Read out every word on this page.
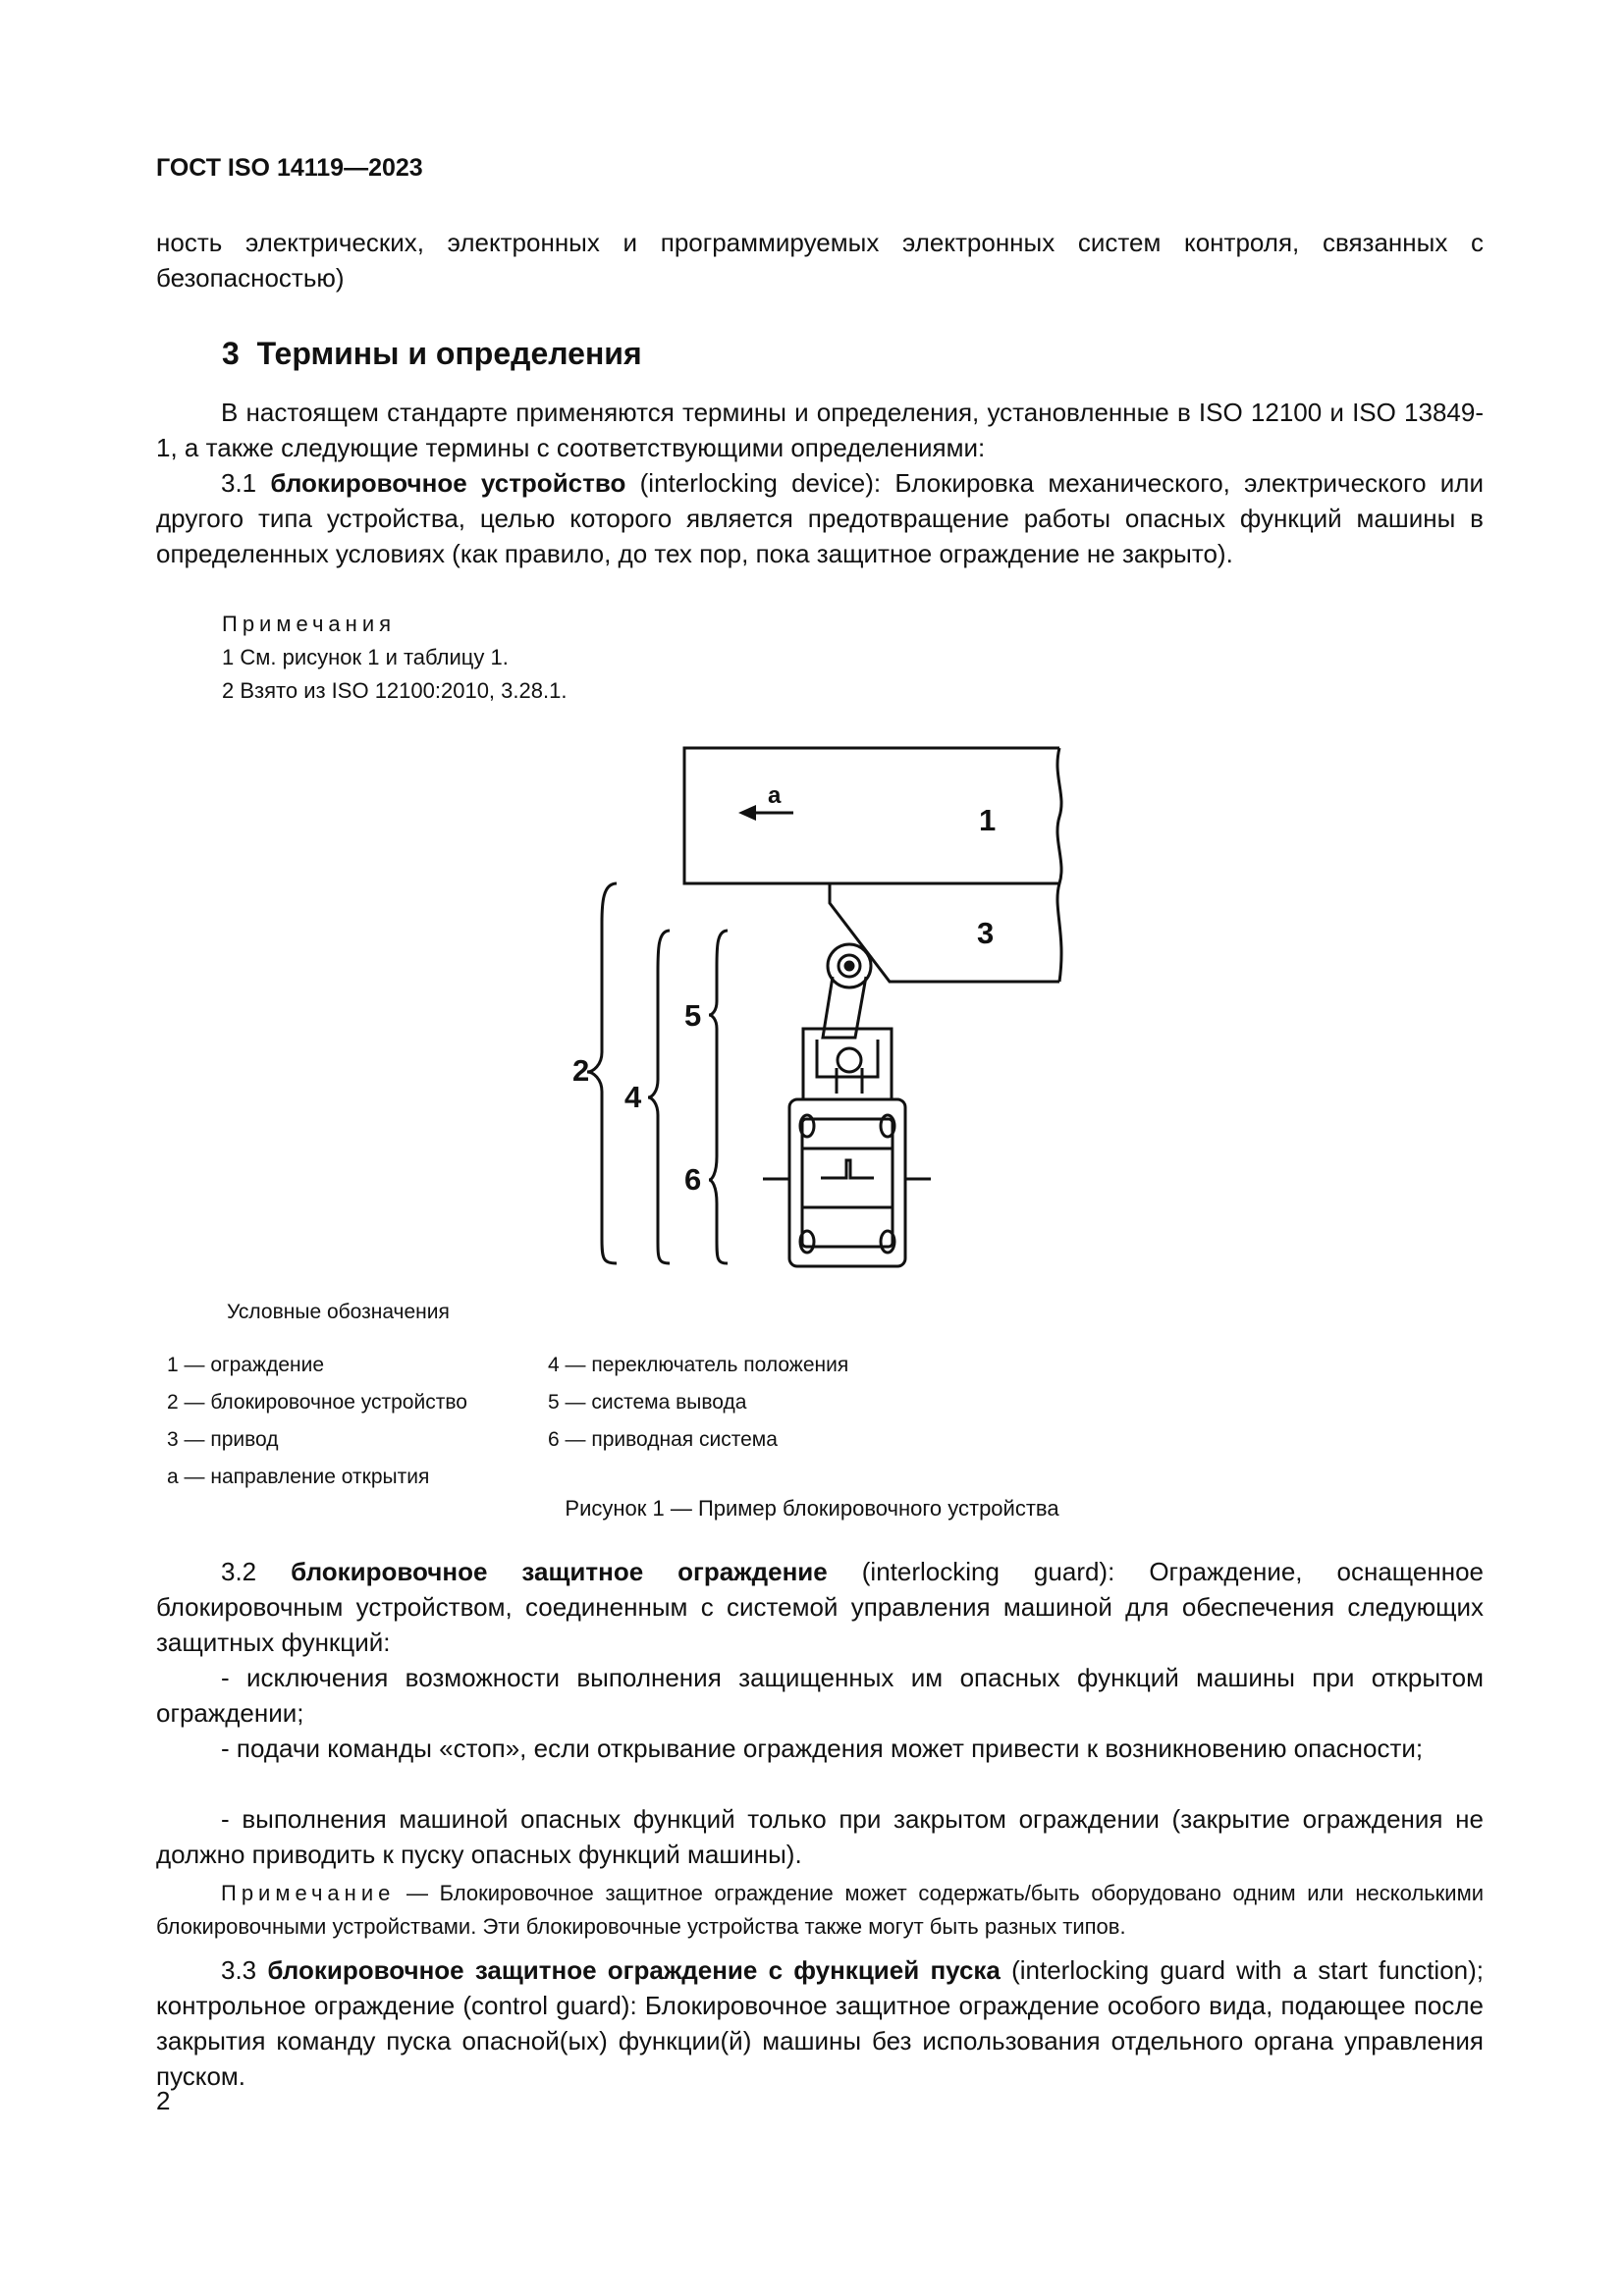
ГОСТ ISO 14119—2023

ность электрических, электронных и программируемых электронных систем контроля, связанных с безопасностью)

3 Термины и определения

В настоящем стандарте применяются термины и определения, установленные в ISO 12100 и ISO 13849-1, а также следующие термины с соответствующими определениями:

3.1 блокировочное устройство (interlocking device): Блокировка механического, электрического или другого типа устройства, целью которого является предотвращение работы опасных функций машины в определенных условиях (как правило, до тех пор, пока защитное ограждение не закрыто).

Примечания
1 См. рисунок 1 и таблицу 1.
2 Взято из ISO 12100:2010, 3.28.1.
a
1
3
5
2
4
6
Условные обозначения
1 — ограждение
2 — блокировочное устройство
3 — привод
a — направление открытия
4 — переключатель положения
5 — система вывода
6 — приводная система
Рисунок 1 — Пример блокировочного устройства

3.2 блокировочное защитное ограждение (interlocking guard): Ограждение, оснащенное блокировочным устройством, соединенным с системой управления машиной для обеспечения следующих защитных функций:

- исключения возможности выполнения защищенных им опасных функций машины при открытом ограждении;

- подачи команды «стоп», если открывание ограждения может привести к возникновению опасности;

- выполнения машиной опасных функций только при закрытом ограждении (закрытие ограждения не должно приводить к пуску опасных функций машины).

Примечание — Блокировочное защитное ограждение может содержать/быть оборудовано одним или несколькими блокировочными устройствами. Эти блокировочные устройства также могут быть разных типов.

3.3 блокировочное защитное ограждение с функцией пуска (interlocking guard with a start function); контрольное ограждение (control guard): Блокировочное защитное ограждение особого вида, подающее после закрытия команду пуска опасной(ых) функции(й) машины без использования отдельного органа управления пуском.

2
